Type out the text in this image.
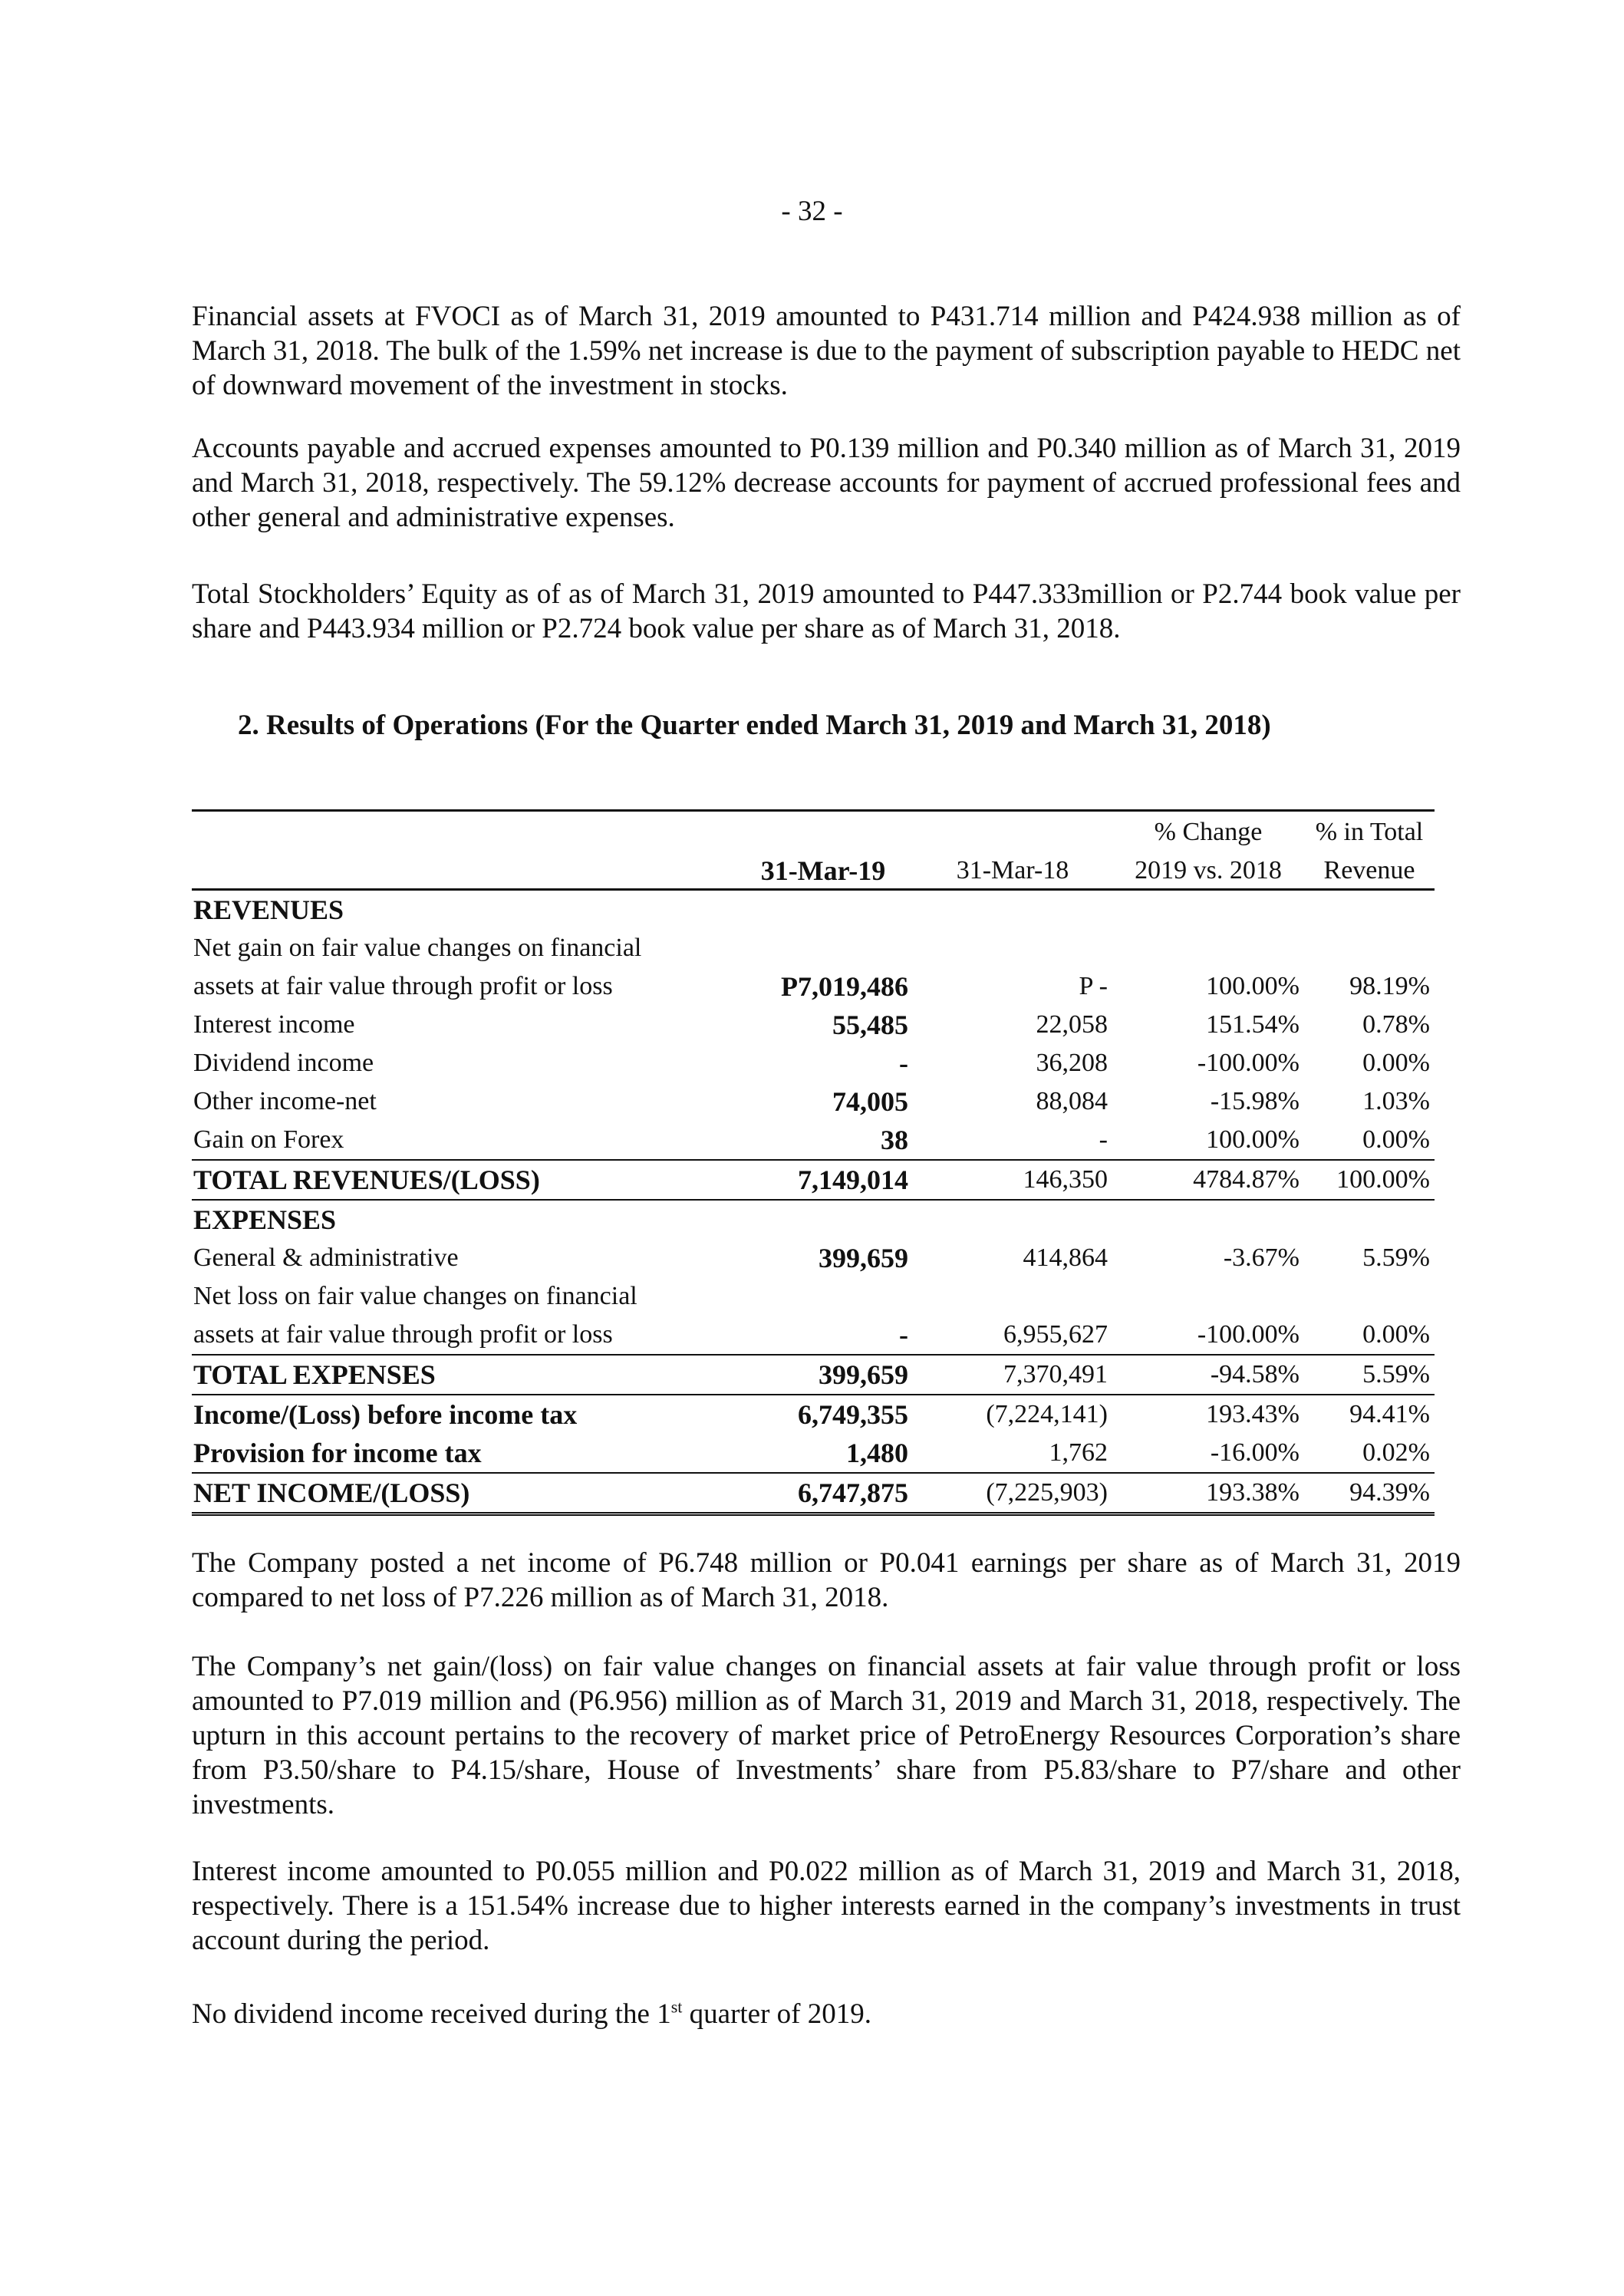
- 32 -

Financial assets at FVOCI as of March 31, 2019 amounted to P431.714 million and P424.938 million as of March 31, 2018. The bulk of the 1.59% net increase is due to the payment of subscription payable to HEDC net of downward movement of the investment in stocks.

Accounts payable and accrued expenses amounted to P0.139 million and P0.340 million as of March 31, 2019 and March 31, 2018, respectively. The 59.12% decrease accounts for payment of accrued professional fees and other general and administrative expenses.

Total Stockholders’ Equity as of as of March 31, 2019 amounted to P447.333million or P2.744 book value per share and P443.934 million or P2.724 book value per share as of March 31, 2018.

2. Results of Operations (For the Quarter ended March 31, 2019 and March 31, 2018)

			% Change	% in Total
	31-Mar-19	31-Mar-18	2019 vs. 2018	Revenue
REVENUES				
Net gain on fair value changes on financial				
assets at fair value through profit or loss	P7,019,486	P -	100.00%	98.19%
Interest income	55,485	22,058	151.54%	0.78%
Dividend income	-	36,208	-100.00%	0.00%
Other income-net	74,005	88,084	-15.98%	1.03%
Gain on Forex	38	-	100.00%	0.00%
TOTAL REVENUES/(LOSS)	7,149,014	146,350	4784.87%	100.00%
EXPENSES				
General & administrative	399,659	414,864	-3.67%	5.59%
Net loss on fair value changes on financial				
assets at fair value through profit or loss	-	6,955,627	-100.00%	0.00%
TOTAL EXPENSES	399,659	7,370,491	-94.58%	5.59%
Income/(Loss) before income tax	6,749,355	(7,224,141)	193.43%	94.41%
Provision for income tax	1,480	1,762	-16.00%	0.02%
NET INCOME/(LOSS)	6,747,875	(7,225,903)	193.38%	94.39%

The Company posted a net income of P6.748 million or P0.041 earnings per share as of March 31, 2019 compared to net loss of P7.226 million as of March 31, 2018.

The Company’s net gain/(loss) on fair value changes on financial assets at fair value through profit or loss amounted to P7.019 million and (P6.956) million as of March 31, 2019 and March 31, 2018, respectively. The upturn in this account pertains to the recovery of market price of PetroEnergy Resources Corporation’s share from P3.50/share to P4.15/share, House of Investments’ share from P5.83/share to P7/share and other investments.

Interest income amounted to P0.055 million and P0.022 million as of March 31, 2019 and March 31, 2018, respectively. There is a 151.54% increase due to higher interests earned in the company’s investments in trust account during the period.

No dividend income received during the 1st quarter of 2019.
